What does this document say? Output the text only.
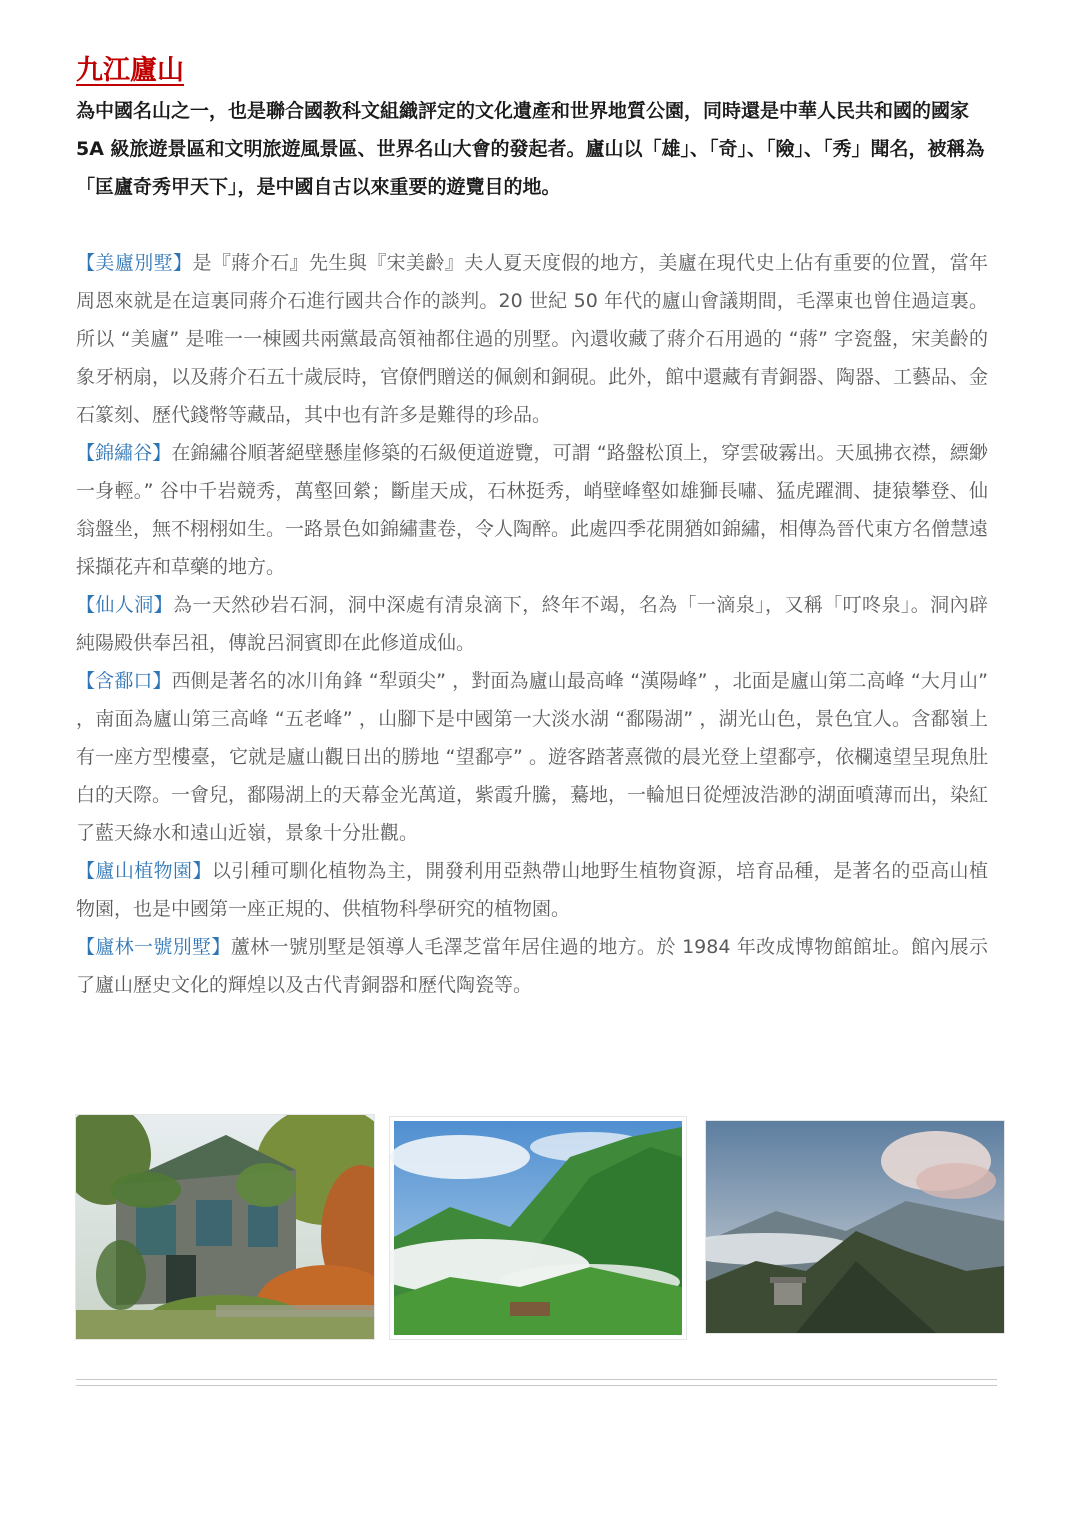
九江廬山
為中國名山之一，也是聯合國教科文組織評定的文化遺產和世界地質公園，同時還是中華人民共和國的國家 5A 級旅遊景區和文明旅遊風景區、世界名山大會的發起者。廬山以「雄」、「奇」、「險」、「秀」聞名，被稱為「匡廬奇秀甲天下」，是中國自古以來重要的遊覽目的地。

【美廬別墅】是『蔣介石』先生與『宋美齡』夫人夏天度假的地方，美廬在現代史上佔有重要的位置，當年周恩來就是在這裏同蔣介石進行國共合作的談判。20 世紀 50 年代的廬山會議期間，毛澤東也曾住過這裏。所以 “美廬” 是唯一一棟國共兩黨最高領袖都住過的別墅。內還收藏了蔣介石用過的 “蔣” 字瓷盤，宋美齡的象牙柄扇，以及蔣介石五十歲辰時，官僚們贈送的佩劍和銅硯。此外，館中還藏有青銅器、陶器、工藝品、金石篆刻、歷代錢幣等藏品，其中也有許多是難得的珍品。

【錦繡谷】在錦繡谷順著絕壁懸崖修築的石級便道遊覽，可謂 “路盤松頂上，穿雲破霧出。天風拂衣襟，縹緲一身輕。” 谷中千岩競秀，萬壑回縈；斷崖天成，石林挺秀，峭壁峰壑如雄獅長嘯、猛虎躍澗、捷猿攀登、仙翁盤坐，無不栩栩如生。一路景色如錦繡畫卷，令人陶醉。此處四季花開猶如錦繡，相傳為晉代東方名僧慧遠採擷花卉和草藥的地方。

【仙人洞】為一天然砂岩石洞，洞中深處有清泉滴下，終年不竭，名為「一滴泉」，又稱「叮咚泉」。洞內辟純陽殿供奉呂祖，傳說呂洞賓即在此修道成仙。

【含鄱口】西側是著名的冰川角鋒 “犁頭尖” ，對面為廬山最高峰 “漢陽峰” ，北面是廬山第二高峰 “大月山” ，南面為廬山第三高峰 “五老峰” ，山腳下是中國第一大淡水湖 “鄱陽湖” ，湖光山色，景色宜人。含鄱嶺上有一座方型樓臺，它就是廬山觀日出的勝地 “望鄱亭” 。遊客踏著熹微的晨光登上望鄱亭，依欄遠望呈現魚肚白的天際。一會兒，鄱陽湖上的天幕金光萬道，紫霞升騰，驀地，一輪旭日從煙波浩渺的湖面噴薄而出，染紅了藍天綠水和遠山近嶺，景象十分壯觀。

【廬山植物園】以引種可馴化植物為主，開發利用亞熱帶山地野生植物資源，培育品種，是著名的亞高山植物園，也是中國第一座正規的、供植物科學研究的植物園。

【廬林一號別墅】蘆林一號別墅是領導人毛澤芝當年居住過的地方。於 1984 年改成博物館館址。館內展示了廬山歷史文化的輝煌以及古代青銅器和歷代陶瓷等。
